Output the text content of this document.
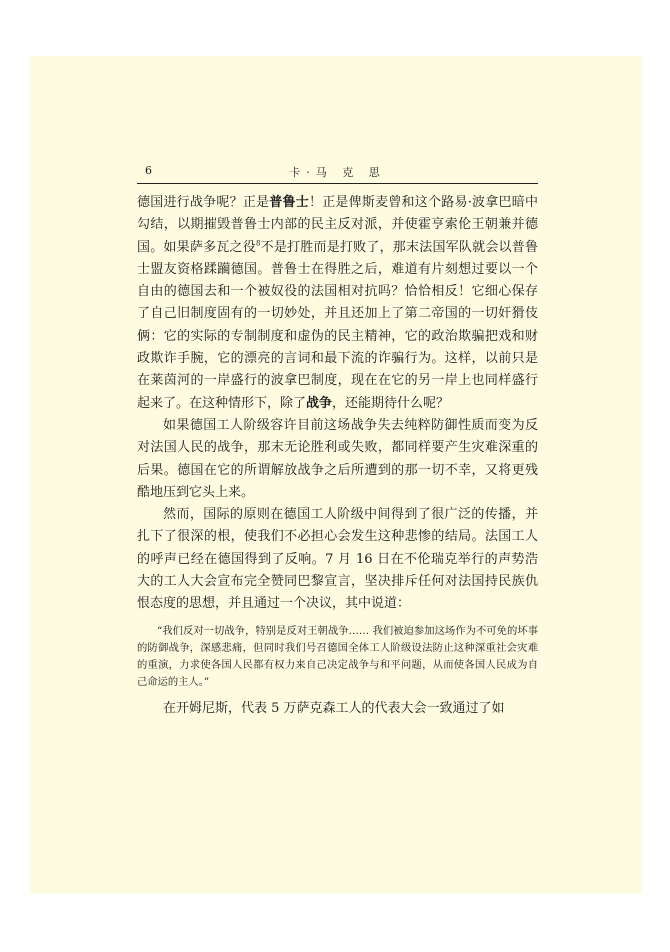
6	卡·马 克 思

德国进行战争呢？正是普鲁士！正是俾斯麦曾和这个路易·波拿巴暗中勾结，以期摧毁普鲁士内部的民主反对派，并使霍亨索伦王朝兼并德国。如果萨多瓦之役$^8$不是打胜而是打败了，那末法国军队就会以普鲁士盟友资格蹂躏德国。普鲁士在得胜之后，难道有片刻想过要以一个自由的德国去和一个被奴役的法国相对抗吗？恰恰相反！它细心保存了自己旧制度固有的一切妙处，并且还加上了第二帝国的一切奸猾伎俩：它的实际的专制制度和虚伪的民主精神，它的政治欺骗把戏和财政欺诈手腕，它的漂亮的言词和最下流的诈骗行为。这样，以前只是在莱茵河的一岸盛行的波拿巴制度，现在在它的另一岸上也同样盛行起来了。在这种情形下，除了战争，还能期待什么呢？

如果德国工人阶级容许目前这场战争失去纯粹防御性质而变为反对法国人民的战争，那末无论胜利或失败，都同样要产生灾难深重的后果。德国在它的所谓解放战争之后所遭到的那一切不幸，又将更残酷地压到它头上来。

然而，国际的原则在德国工人阶级中间得到了很广泛的传播，并扎下了很深的根，使我们不必担心会发生这种悲惨的结局。法国工人的呼声已经在德国得到了反响。7 月 16 日在不伦瑞克举行的声势浩大的工人大会宣布完全赞同巴黎宣言，坚决排斥任何对法国持民族仇恨态度的思想，并且通过一个决议，其中说道：

“我们反对一切战争，特别是反对王朝战争…… 我们被迫参加这场作为不可免的坏事的防御战争，深感悲痛，但同时我们号召德国全体工人阶级设法防止这种深重社会灾难的重演，力求使各国人民都有权力来自己决定战争与和平问题，从而使各国人民成为自己命运的主人。”

在开姆尼斯，代表 5 万萨克森工人的代表大会一致通过了如
